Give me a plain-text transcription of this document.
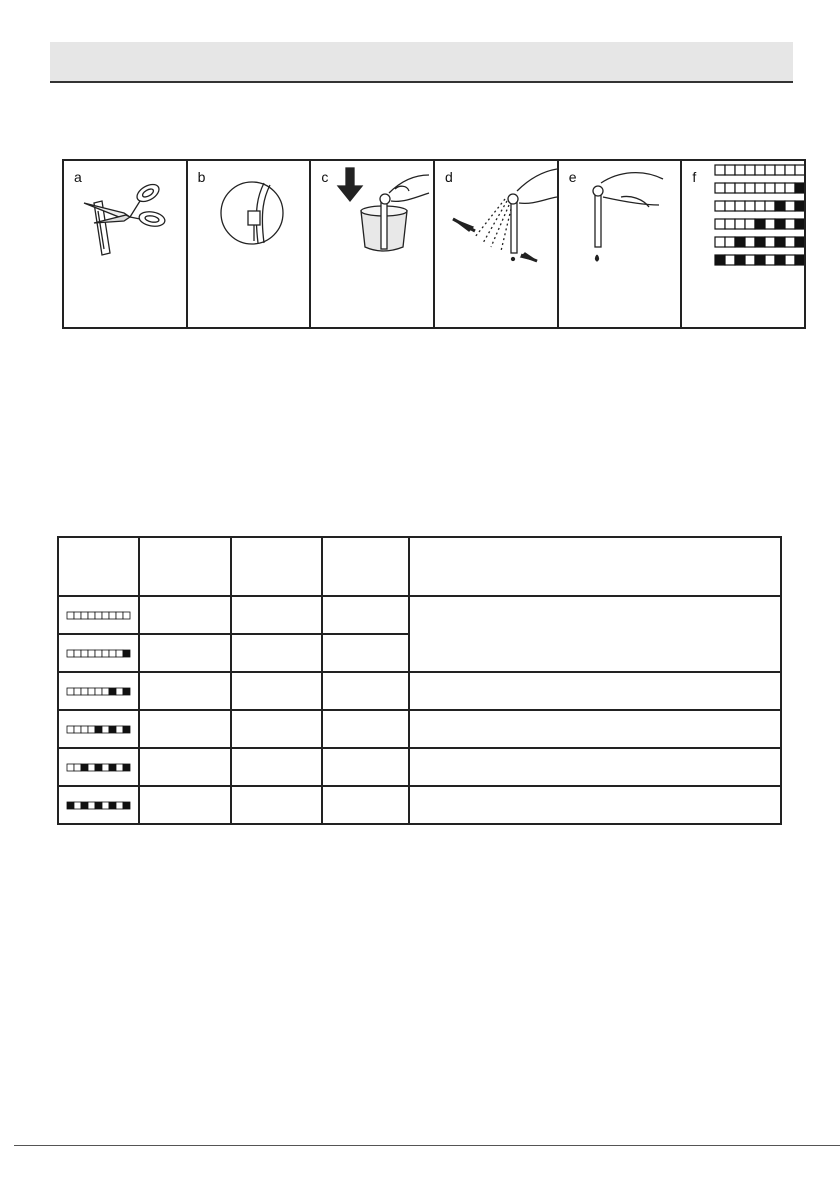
a	b	c	d	e	f
